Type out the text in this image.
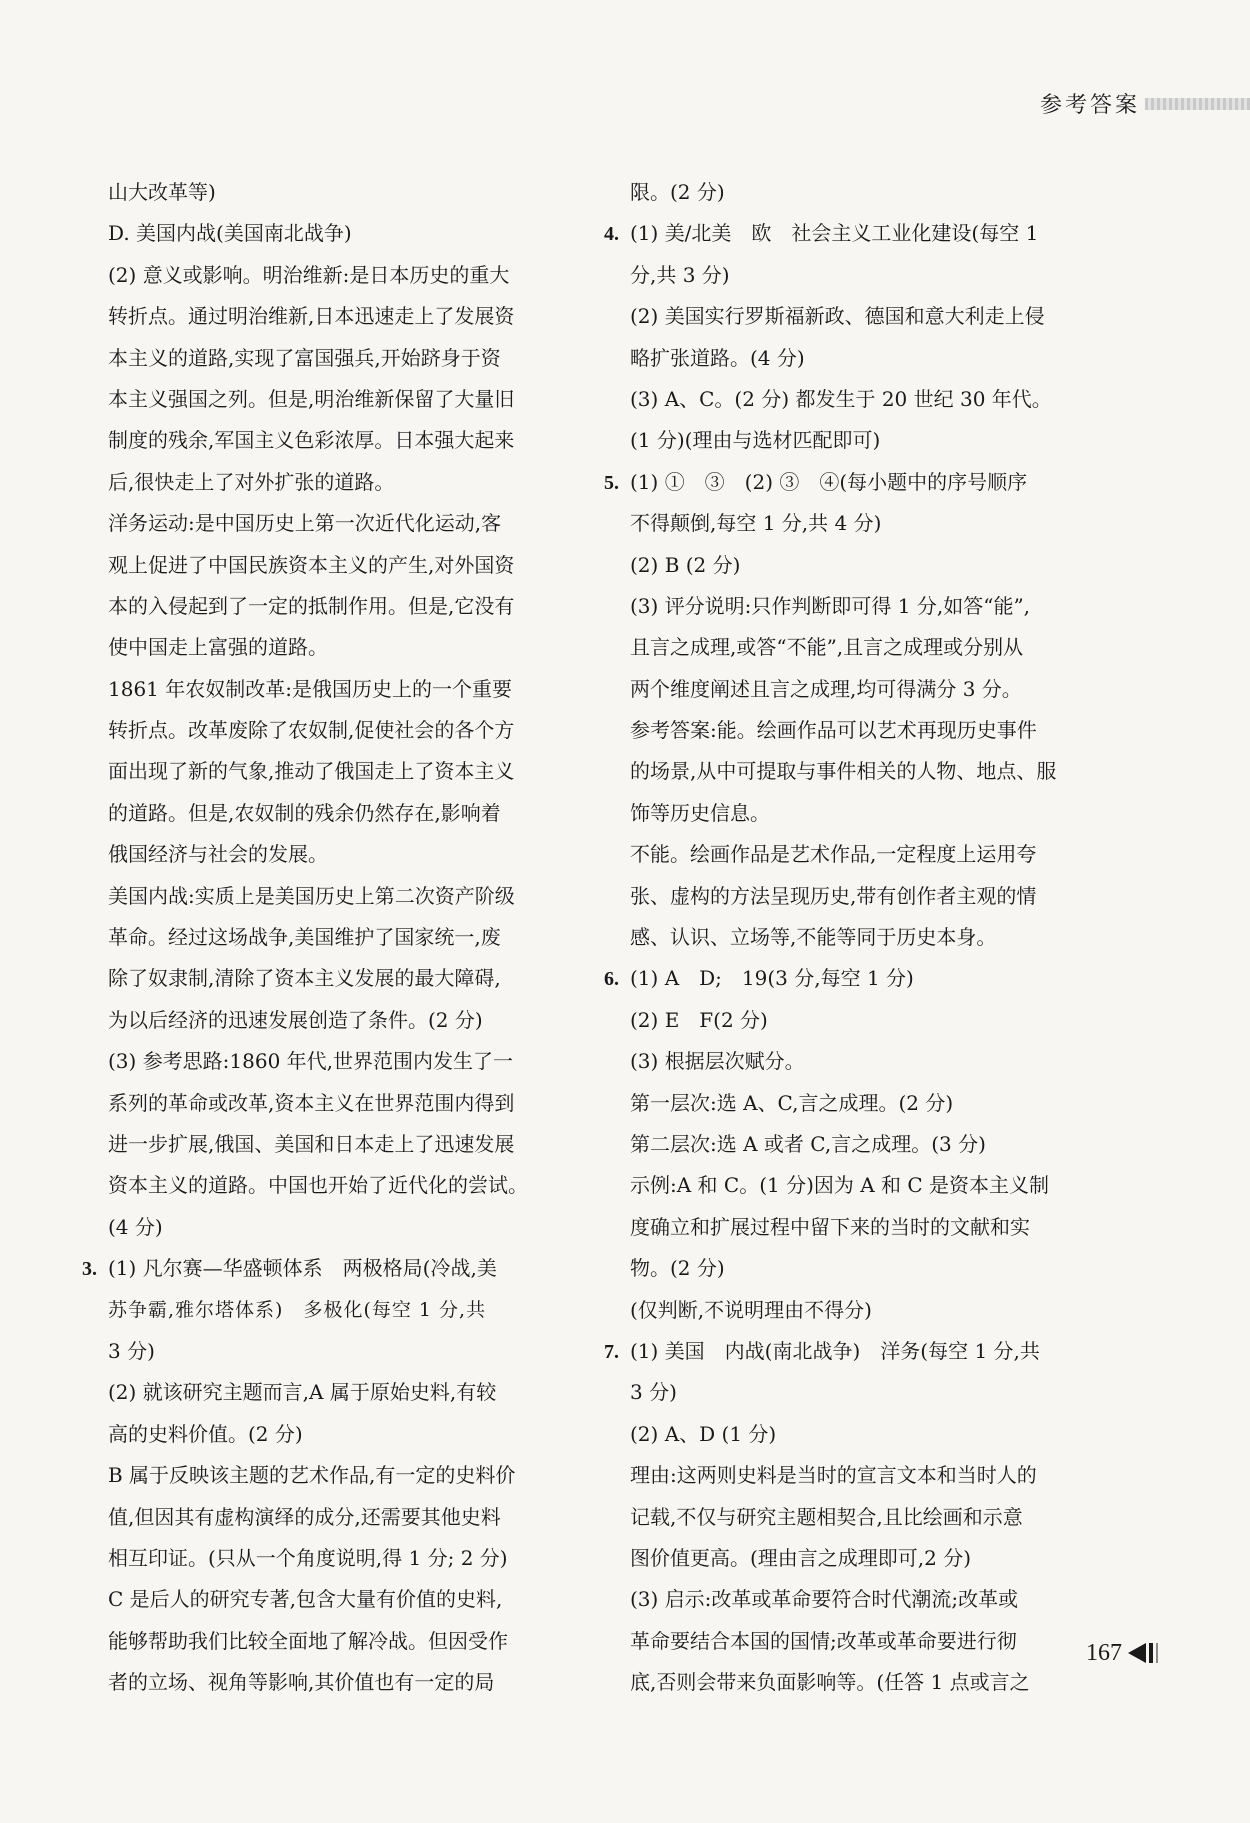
参考答案
山大改革等)
D. 美国内战(美国南北战争)
(2) 意义或影响。明治维新:是日本历史的重大
转折点。通过明治维新,日本迅速走上了发展资
本主义的道路,实现了富国强兵,开始跻身于资
本主义强国之列。但是,明治维新保留了大量旧
制度的残余,军国主义色彩浓厚。日本强大起来
后,很快走上了对外扩张的道路。
洋务运动:是中国历史上第一次近代化运动,客
观上促进了中国民族资本主义的产生,对外国资
本的入侵起到了一定的抵制作用。但是,它没有
使中国走上富强的道路。
1861 年农奴制改革:是俄国历史上的一个重要
转折点。改革废除了农奴制,促使社会的各个方
面出现了新的气象,推动了俄国走上了资本主义
的道路。但是,农奴制的残余仍然存在,影响着
俄国经济与社会的发展。
美国内战:实质上是美国历史上第二次资产阶级
革命。经过这场战争,美国维护了国家统一,废
除了奴隶制,清除了资本主义发展的最大障碍,
为以后经济的迅速发展创造了条件。(2 分)
(3) 参考思路:1860 年代,世界范围内发生了一
系列的革命或改革,资本主义在世界范围内得到
进一步扩展,俄国、美国和日本走上了迅速发展
资本主义的道路。中国也开始了近代化的尝试。
(4 分)
3. (1) 凡尔赛—华盛顿体系　两极格局(冷战,美
苏争霸,雅尔塔体系)　多极化(每空 1 分,共
3 分)
(2) 就该研究主题而言,A 属于原始史料,有较
高的史料价值。(2 分)
B 属于反映该主题的艺术作品,有一定的史料价
值,但因其有虚构演绎的成分,还需要其他史料
相互印证。(只从一个角度说明,得 1 分; 2 分)
C 是后人的研究专著,包含大量有价值的史料,
能够帮助我们比较全面地了解冷战。但因受作
者的立场、视角等影响,其价值也有一定的局
限。(2 分)
4. (1) 美/北美　欧　社会主义工业化建设(每空 1
分,共 3 分)
(2) 美国实行罗斯福新政、德国和意大利走上侵
略扩张道路。(4 分)
(3) A、C。(2 分) 都发生于 20 世纪 30 年代。
(1 分)(理由与选材匹配即可)
5. (1) ①　③　(2) ③　④(每小题中的序号顺序
不得颠倒,每空 1 分,共 4 分)
(2) B (2 分)
(3) 评分说明:只作判断即可得 1 分,如答“能”,
且言之成理,或答“不能”,且言之成理或分别从
两个维度阐述且言之成理,均可得满分 3 分。
参考答案:能。绘画作品可以艺术再现历史事件
的场景,从中可提取与事件相关的人物、地点、服
饰等历史信息。
不能。绘画作品是艺术作品,一定程度上运用夸
张、虚构的方法呈现历史,带有创作者主观的情
感、认识、立场等,不能等同于历史本身。
6. (1) A　D;　19(3 分,每空 1 分)
(2) E　F(2 分)
(3) 根据层次赋分。
第一层次:选 A、C,言之成理。(2 分)
第二层次:选 A 或者 C,言之成理。(3 分)
示例:A 和 C。(1 分)因为 A 和 C 是资本主义制
度确立和扩展过程中留下来的当时的文献和实
物。(2 分)
(仅判断,不说明理由不得分)
7. (1) 美国　内战(南北战争)　洋务(每空 1 分,共
3 分)
(2) A、D (1 分)
理由:这两则史料是当时的宣言文本和当时人的
记载,不仅与研究主题相契合,且比绘画和示意
图价值更高。(理由言之成理即可,2 分)
(3) 启示:改革或革命要符合时代潮流;改革或
革命要结合本国的国情;改革或革命要进行彻
底,否则会带来负面影响等。(任答 1 点或言之
167
